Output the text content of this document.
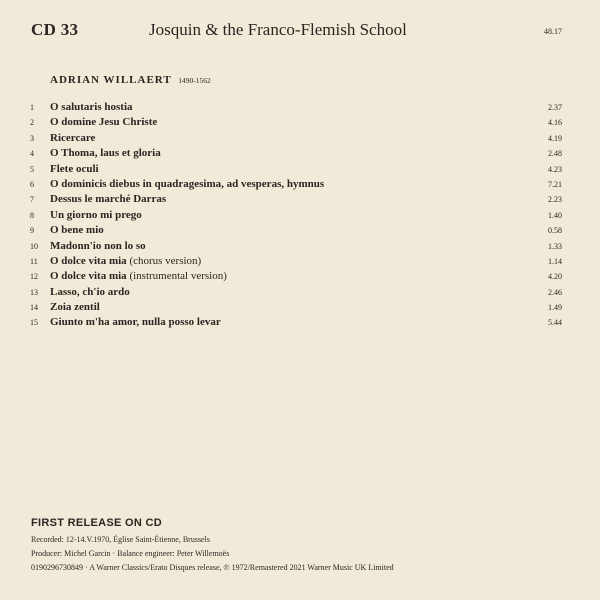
CD 33	Josquin & the Franco-Flemish School	48.17
ADRIAN WILLAERT 1490-1562
1 O salutaris hostia	2.37
2 O domine Jesu Christe	4.16
3 Ricercare	4.19
4 O Thoma, laus et gloria	2.48
5 Flete oculi	4.23
6 O dominicis diebus in quadragesima, ad vesperas, hymnus	7.21
7 Dessus le marché Darras	2.23
8 Un giorno mi prego	1.40
9 O bene mio	0.58
10 Madonn'io non lo so	1.33
11 O dolce vita mia (chorus version)	1.14
12 O dolce vita mia (instrumental version)	4.20
13 Lasso, ch'io ardo	2.46
14 Zoia zentil	1.49
15 Giunto m'ha amor, nulla posso levar	5.44
FIRST RELEASE ON CD
Recorded: 12-14.V.1970, Église Saint-Étienne, Brussels
Producer: Michel Garcin · Balance engineer: Peter Willemoës
0190296730849 · A Warner Classics/Erato Disques release, ℗ 1972/Remastered 2021 Warner Music UK Limited
